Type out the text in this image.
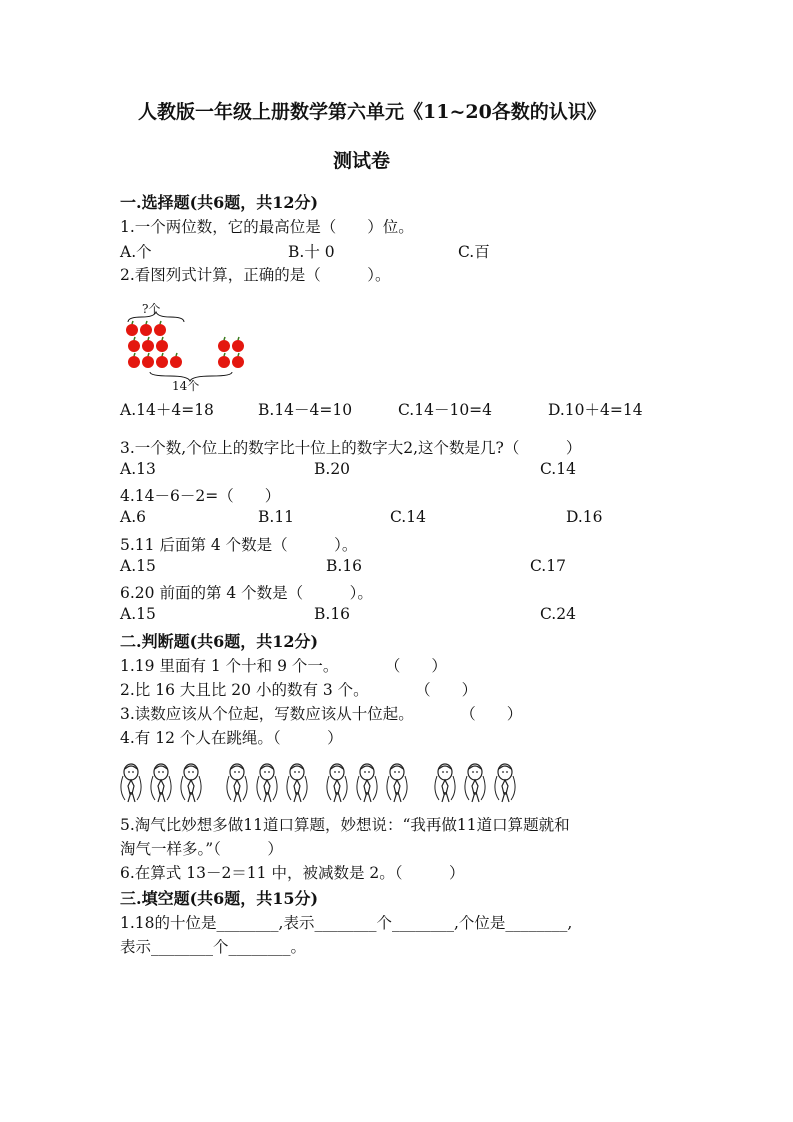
人教版一年级上册数学第六单元《11~20各数的认识》
测试卷
一.选择题(共6题，共12分)
1.一个两位数，它的最高位是（　　）位。
A.个	B.十 0	C.百
2.看图列式计算，正确的是（　　　）。
?个
14个
A.14＋4=18	B.14－4=10	C.14－10=4	D.10＋4=14
3.一个数,个位上的数字比十位上的数字大2,这个数是几?（　　　）
A.13	B.20	C.14
4.14－6－2=（　　）
A.6	B.11	C.14	D.16
5.11 后面第 4 个数是（　　　）。
A.15	B.16	C.17
6.20 前面的第 4 个数是（　　　）。
A.15	B.16	C.24
二.判断题(共6题，共12分)
1.19 里面有 1 个十和 9 个一。　　　　（　　）
2.比 16 大且比 20 小的数有 3 个。　　　　（　　）
3.读数应该从个位起，写数应该从十位起。　　　　（　　）
4.有 12 个人在跳绳。（　　　）
5.淘气比妙想多做11道口算题，妙想说：“我再做11道口算题就和
淘气一样多。”（　　　）
6.在算式 13－2＝11 中，被减数是 2。（　　　）
三.填空题(共6题，共15分)
1.18的十位是________,表示________个________,个位是________,
表示________个________。
